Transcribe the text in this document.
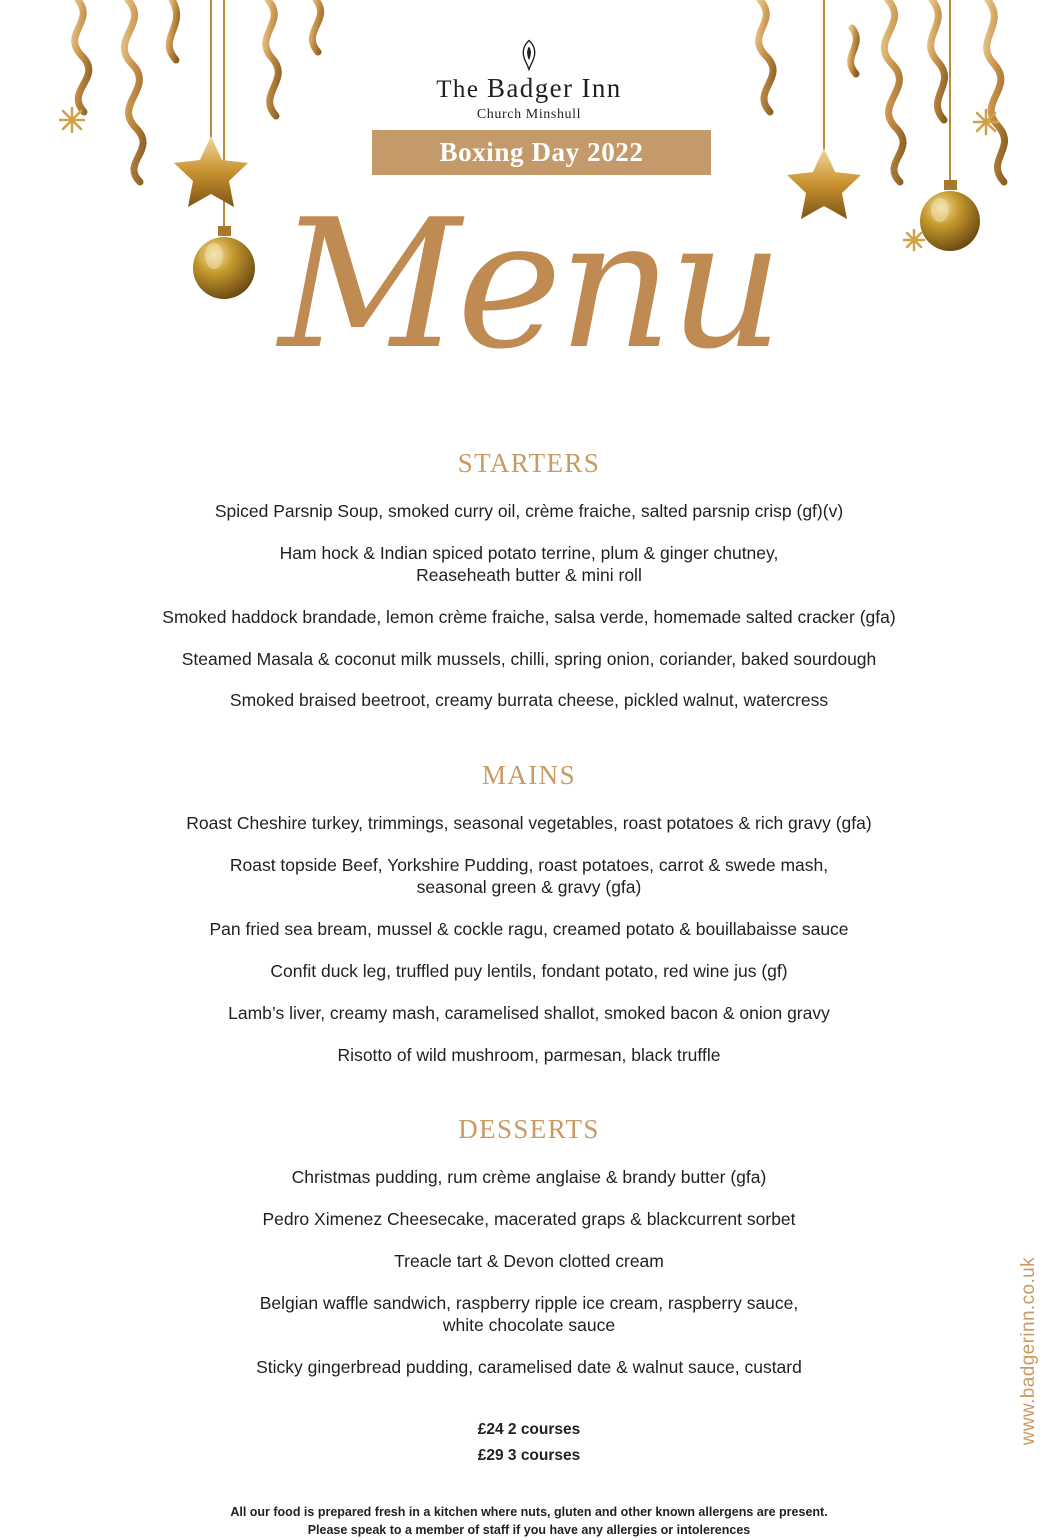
The Badger Inn
Church Minshull
Boxing Day 2022
Menu
STARTERS

Spiced Parsnip Soup, smoked curry oil, crème fraiche, salted parsnip crisp (gf)(v)

Ham hock & Indian spiced potato terrine, plum & ginger chutney,
Reaseheath butter & mini roll

Smoked haddock brandade, lemon crème fraiche, salsa verde, homemade salted cracker (gfa)

Steamed Masala & coconut milk mussels, chilli, spring onion, coriander, baked sourdough

Smoked braised beetroot, creamy burrata cheese, pickled walnut, watercress

MAINS

Roast Cheshire turkey, trimmings, seasonal vegetables, roast potatoes & rich gravy (gfa)

Roast topside Beef, Yorkshire Pudding, roast potatoes, carrot & swede mash,
seasonal green & gravy (gfa)

Pan fried sea bream, mussel & cockle ragu, creamed potato & bouillabaisse sauce

Confit duck leg, truffled puy lentils, fondant potato, red wine jus (gf)

Lamb’s liver, creamy mash, caramelised shallot, smoked bacon & onion gravy

Risotto of wild mushroom, parmesan, black truffle

DESSERTS

Christmas pudding, rum crème anglaise & brandy butter (gfa)

Pedro Ximenez Cheesecake, macerated graps & blackcurrent sorbet

Treacle tart & Devon clotted cream

Belgian waffle sandwich, raspberry ripple ice cream, raspberry sauce,
white chocolate sauce

Sticky gingerbread pudding, caramelised date & walnut sauce, custard

£24 2 courses
£29 3 courses
All our food is prepared fresh in a kitchen where nuts, gluten and other known allergens are present.
Please speak to a member of staff if you have any allergies or intolerences
www.badgerinn.co.uk
